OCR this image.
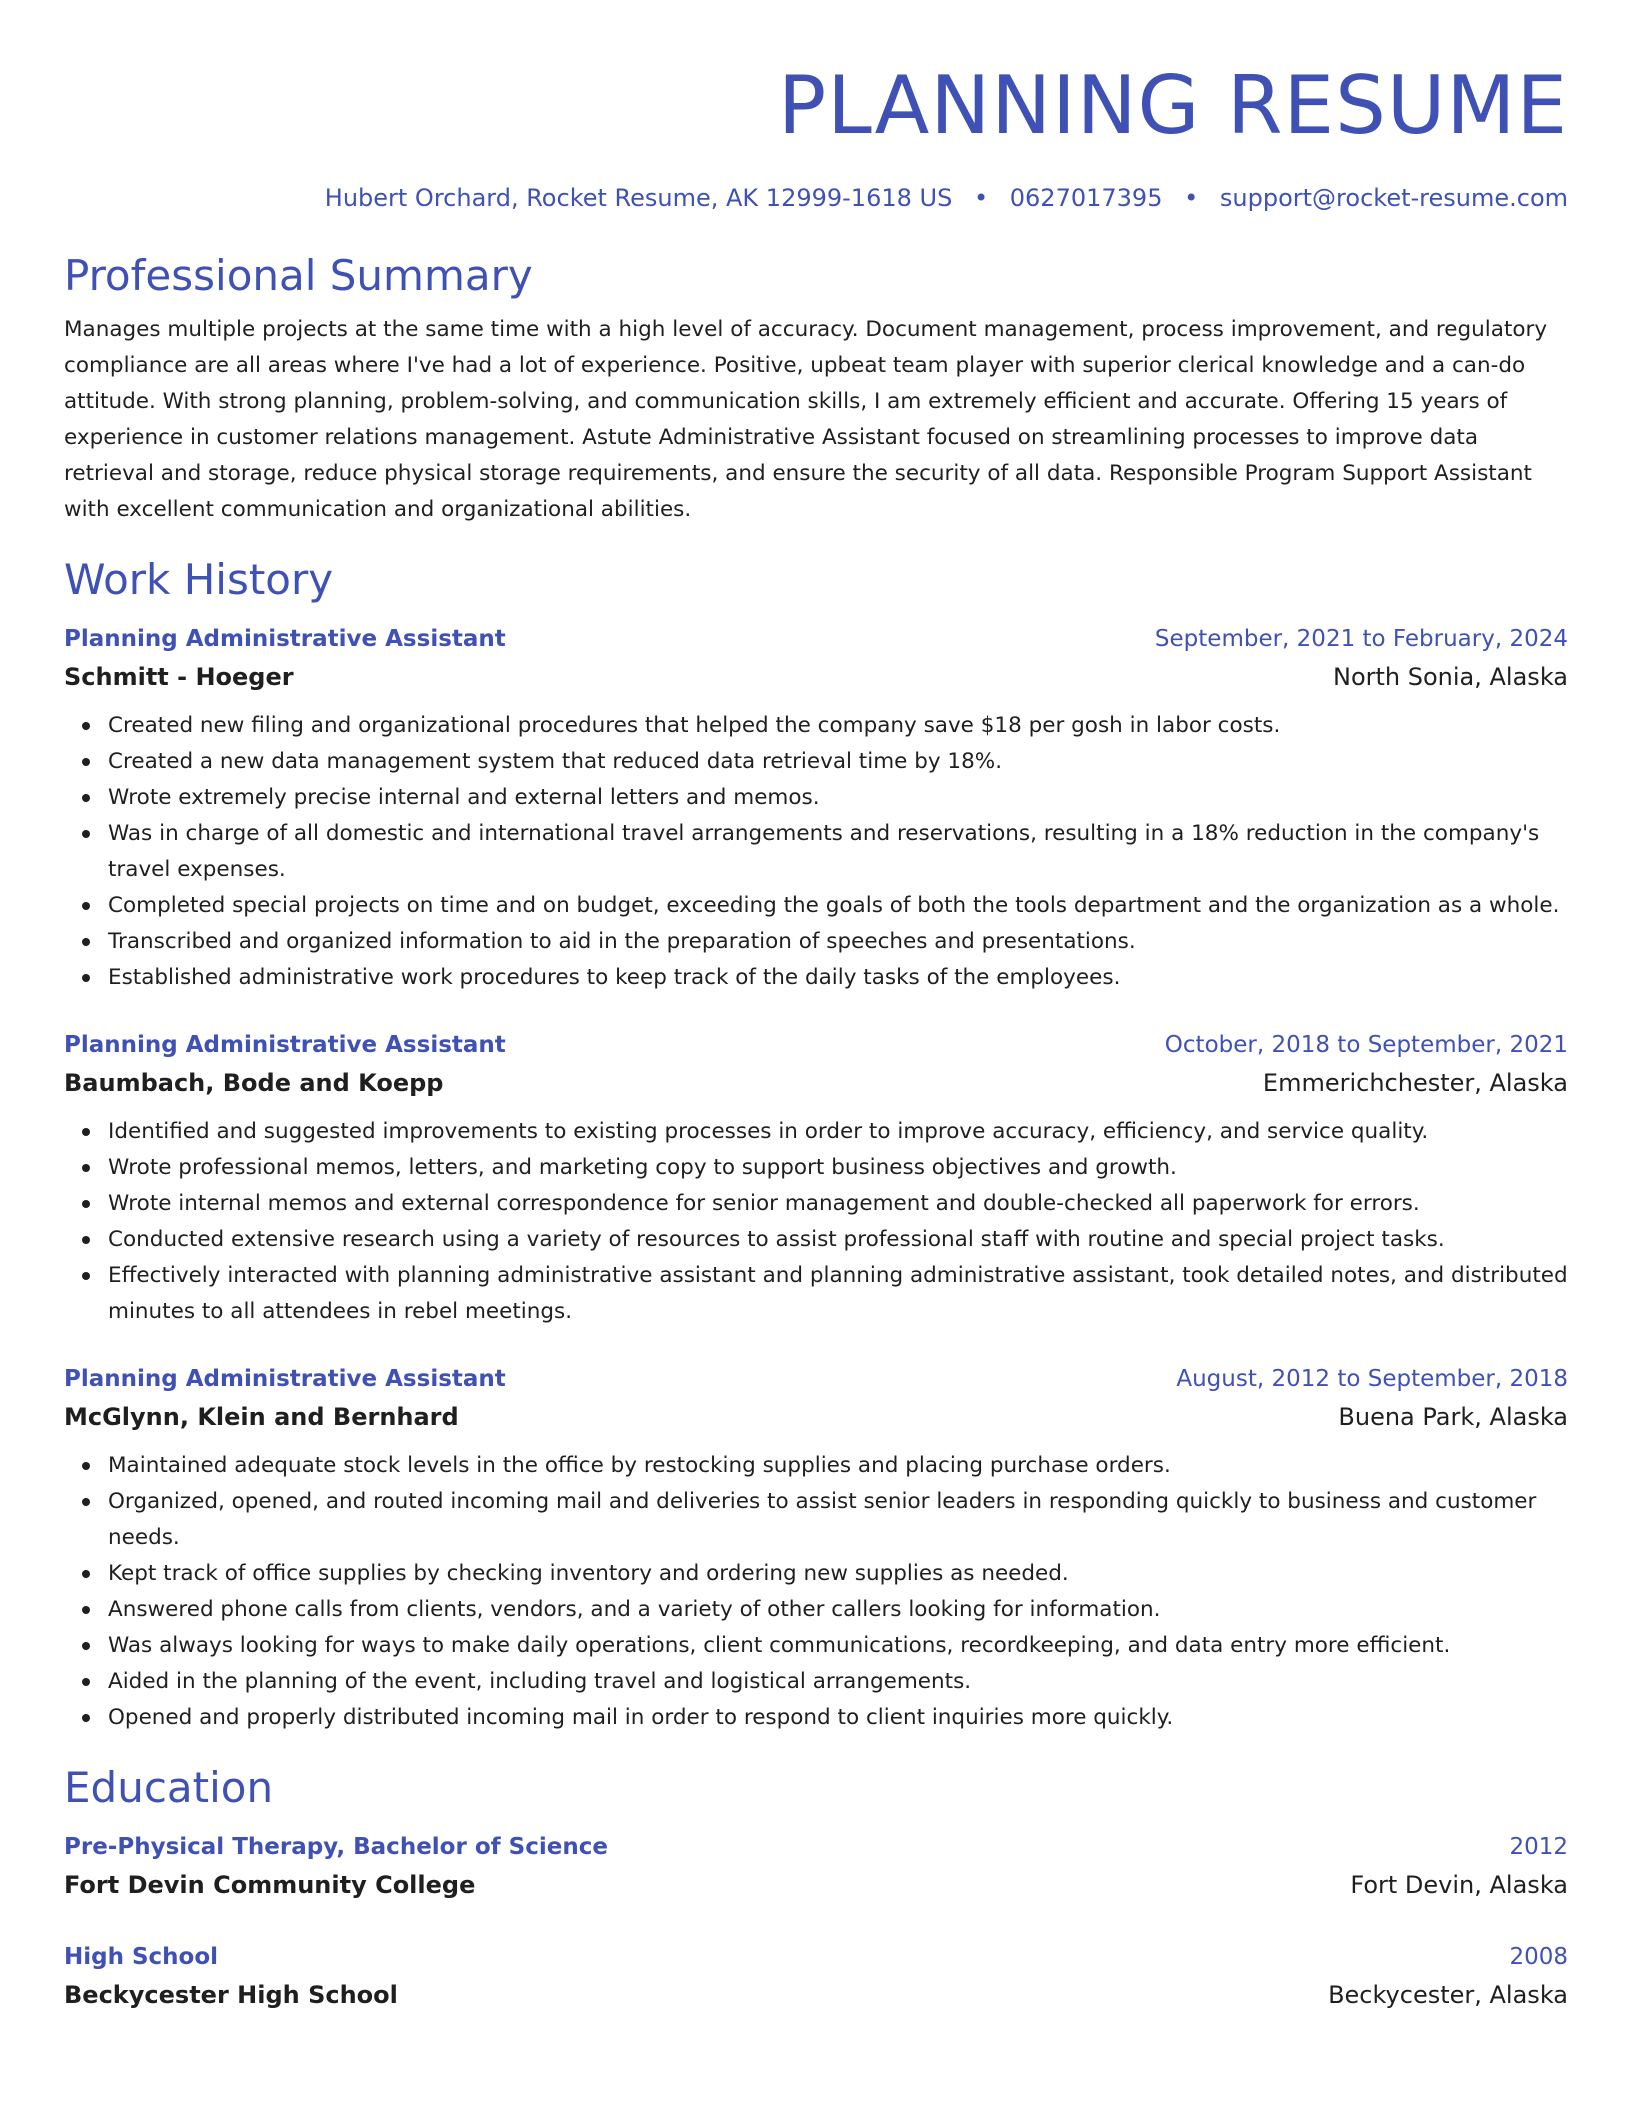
PLANNING RESUME
Hubert Orchard, Rocket Resume, AK 12999-1618 US • 0627017395 • support@rocket-resume.com
Professional Summary

Manages multiple projects at the same time with a high level of accuracy. Document management, process improvement, and regulatory compliance are all areas where I've had a lot of experience. Positive, upbeat team player with superior clerical knowledge and a can-do attitude. With strong planning, problem-solving, and communication skills, I am extremely efficient and accurate. Offering 15 years of experience in customer relations management. Astute Administrative Assistant focused on streamlining processes to improve data retrieval and storage, reduce physical storage requirements, and ensure the security of all data. Responsible Program Support Assistant with excellent communication and organizational abilities.

Work History
Planning Administrative Assistant	September, 2021 to February, 2024
Schmitt - Hoeger	North Sonia, Alaska
Created new filing and organizational procedures that helped the company save $18 per gosh in labor costs.
Created a new data management system that reduced data retrieval time by 18%.
Wrote extremely precise internal and external letters and memos.
Was in charge of all domestic and international travel arrangements and reservations, resulting in a 18% reduction in the company's travel expenses.
Completed special projects on time and on budget, exceeding the goals of both the tools department and the organization as a whole.
Transcribed and organized information to aid in the preparation of speeches and presentations.
Established administrative work procedures to keep track of the daily tasks of the employees.
Planning Administrative Assistant	October, 2018 to September, 2021
Baumbach, Bode and Koepp	Emmerichchester, Alaska
Identified and suggested improvements to existing processes in order to improve accuracy, efficiency, and service quality.
Wrote professional memos, letters, and marketing copy to support business objectives and growth.
Wrote internal memos and external correspondence for senior management and double-checked all paperwork for errors.
Conducted extensive research using a variety of resources to assist professional staff with routine and special project tasks.
Effectively interacted with planning administrative assistant and planning administrative assistant, took detailed notes, and distributed minutes to all attendees in rebel meetings.
Planning Administrative Assistant	August, 2012 to September, 2018
McGlynn, Klein and Bernhard	Buena Park, Alaska
Maintained adequate stock levels in the office by restocking supplies and placing purchase orders.
Organized, opened, and routed incoming mail and deliveries to assist senior leaders in responding quickly to business and customer needs.
Kept track of office supplies by checking inventory and ordering new supplies as needed.
Answered phone calls from clients, vendors, and a variety of other callers looking for information.
Was always looking for ways to make daily operations, client communications, recordkeeping, and data entry more efficient.
Aided in the planning of the event, including travel and logistical arrangements.
Opened and properly distributed incoming mail in order to respond to client inquiries more quickly.
Education
Pre-Physical Therapy, Bachelor of Science	2012
Fort Devin Community College	Fort Devin, Alaska
High School	2008
Beckycester High School	Beckycester, Alaska
